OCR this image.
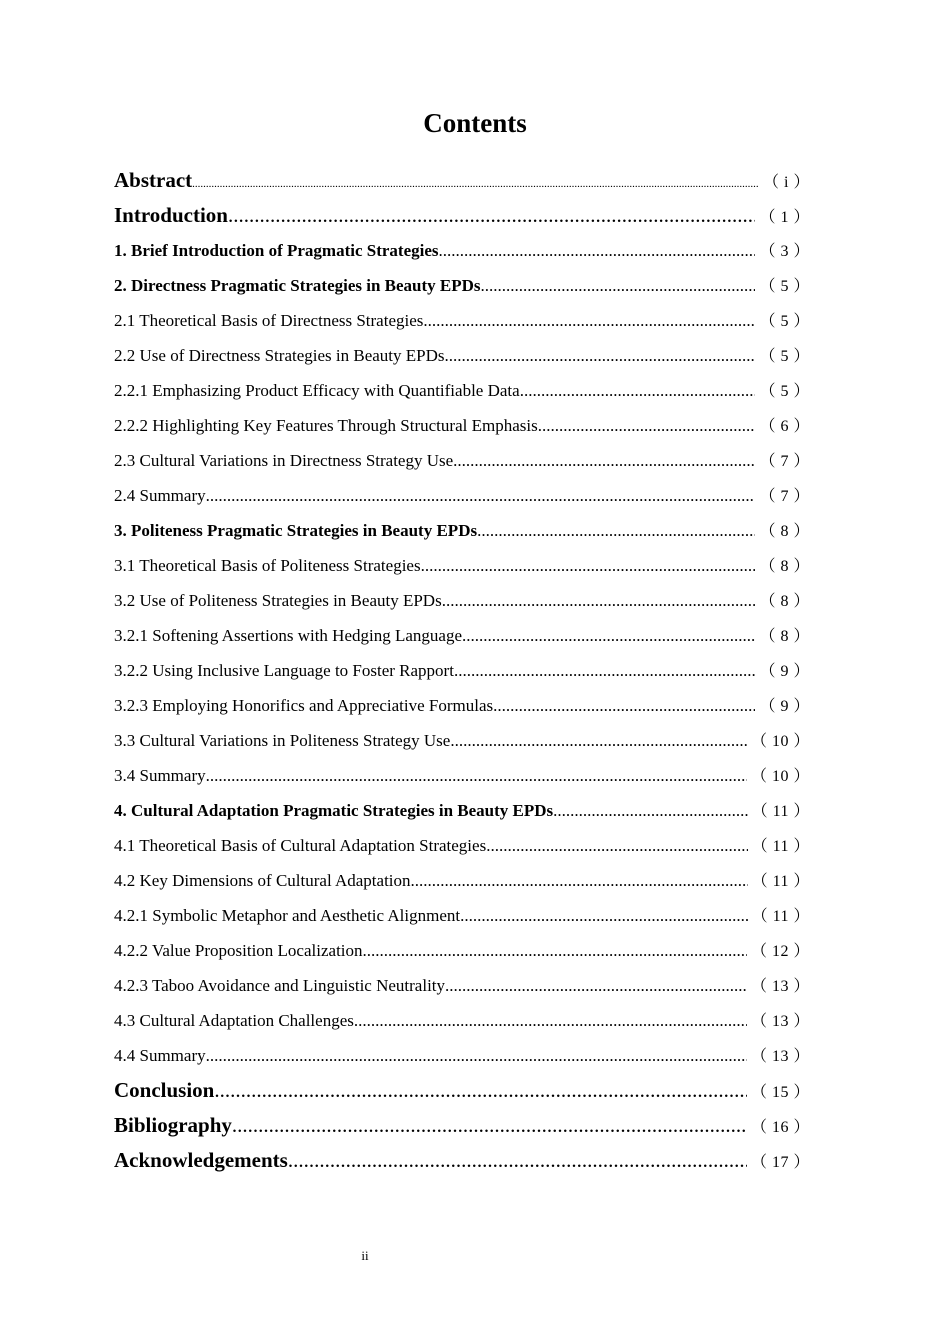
Contents
Abstract .....	（ i ）
Introduction .....	（ 1 ）
1. Brief Introduction of Pragmatic Strategies .....	（ 3 ）
2. Directness Pragmatic Strategies in Beauty EPDs .....	（ 5 ）
2.1 Theoretical Basis of Directness Strategies .....	（ 5 ）
2.2 Use of Directness Strategies in Beauty EPDs .....	（ 5 ）
2.2.1 Emphasizing Product Efficacy with Quantifiable Data .....	（ 5 ）
2.2.2 Highlighting Key Features Through Structural Emphasis .....	（ 6 ）
2.3 Cultural Variations in Directness Strategy Use .....	（ 7 ）
2.4 Summary .....	（ 7 ）
3. Politeness Pragmatic Strategies in Beauty EPDs .....	（ 8 ）
3.1 Theoretical Basis of Politeness Strategies .....	（ 8 ）
3.2 Use of Politeness Strategies in Beauty EPDs .....	（ 8 ）
3.2.1 Softening Assertions with Hedging Language .....	（ 8 ）
3.2.2 Using Inclusive Language to Foster Rapport .....	（ 9 ）
3.2.3 Employing Honorifics and Appreciative Formulas .....	（ 9 ）
3.3 Cultural Variations in Politeness Strategy Use .....	（ 10 ）
3.4 Summary .....	（ 10 ）
4. Cultural Adaptation Pragmatic Strategies in Beauty EPDs .....	（ 11 ）
4.1 Theoretical Basis of Cultural Adaptation Strategies .....	（ 11 ）
4.2 Key Dimensions of Cultural Adaptation .....	（ 11 ）
4.2.1 Symbolic Metaphor and Aesthetic Alignment .....	（ 11 ）
4.2.2 Value Proposition Localization .....	（ 12 ）
4.2.3 Taboo Avoidance and Linguistic Neutrality .....	（ 13 ）
4.3 Cultural Adaptation Challenges .....	（ 13 ）
4.4 Summary .....	（ 13 ）
Conclusion .....	（ 15 ）
Bibliography .....	（ 16 ）
Acknowledgements .....	（ 17 ）
ii
